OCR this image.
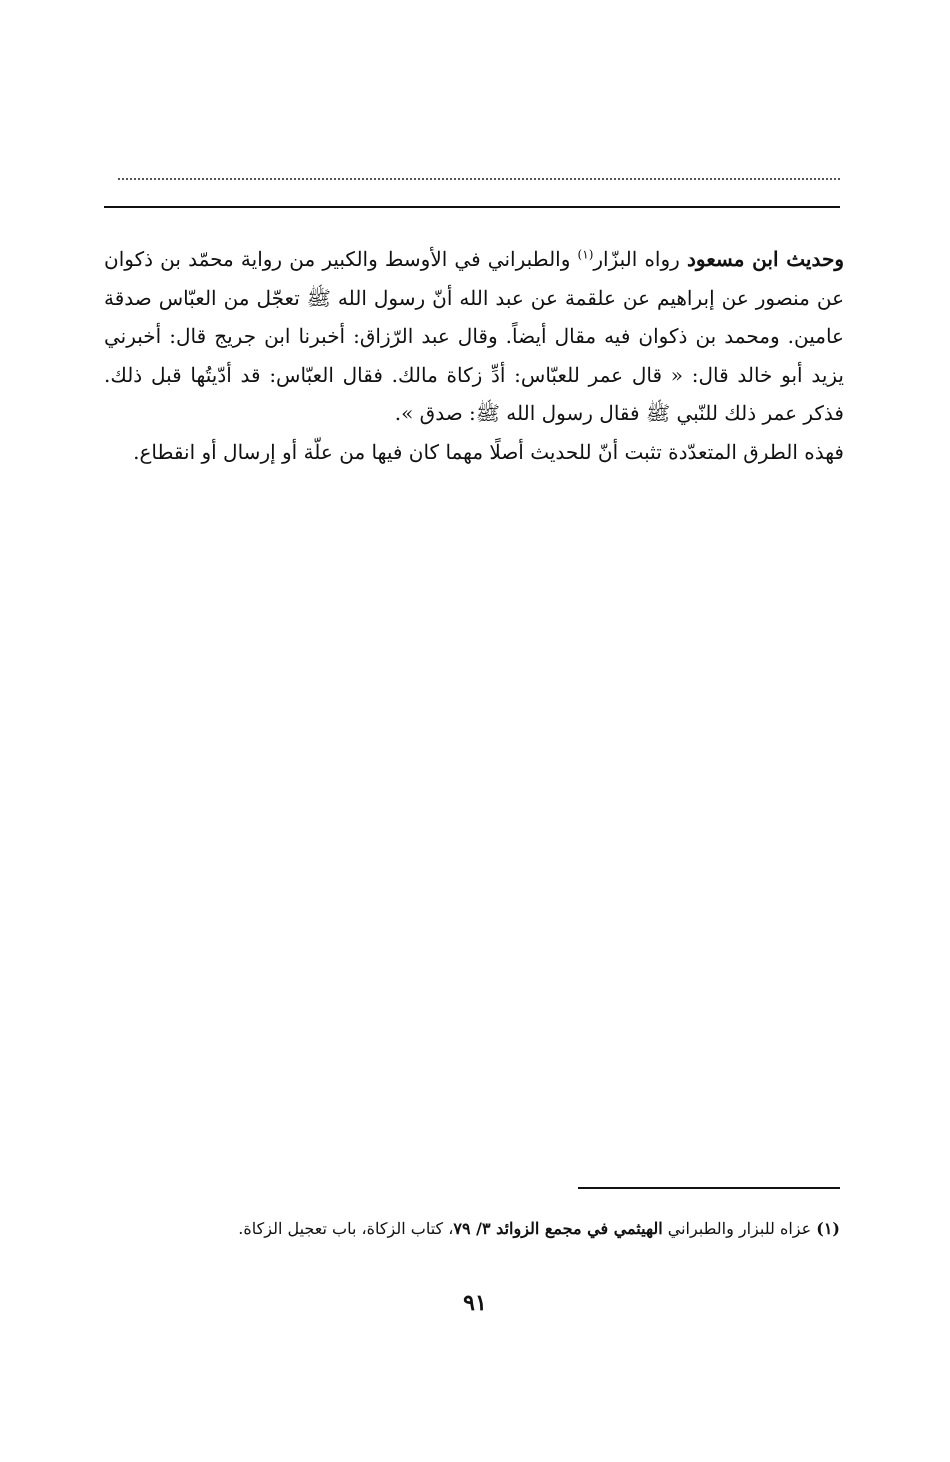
وحديث ابن مسعود رواه البزّار$^{(١)}$ والطبراني في الأوسط والكبير من رواية محمّد بن ذكوان عن منصور عن إبراهيم عن علقمة عن عبد الله أنّ رسول الله ﷺ تعجّل من العبّاس صدقة عامين. ومحمد بن ذكوان فيه مقال أيضاً. وقال عبد الرّزاق: أخبرنا ابن جريج قال: أخبرني يزيد أبو خالد قال: « قال عمر للعبّاس: أدِّ زكاة مالك. فقال العبّاس: قد أدّيتُها قبل ذلك. فذكر عمر ذلك للنّبي ﷺ فقال رسول الله ﷺ: صدق ».

فهذه الطرق المتعدّدة تثبت أنّ للحديث أصلًا مهما كان فيها من علّة أو إرسال أو انقطاع.

(١) عزاه للبزار والطبراني الهيثمي في مجمع الزوائد ٣/ ٧٩، كتاب الزكاة، باب تعجيل الزكاة.
٩١
